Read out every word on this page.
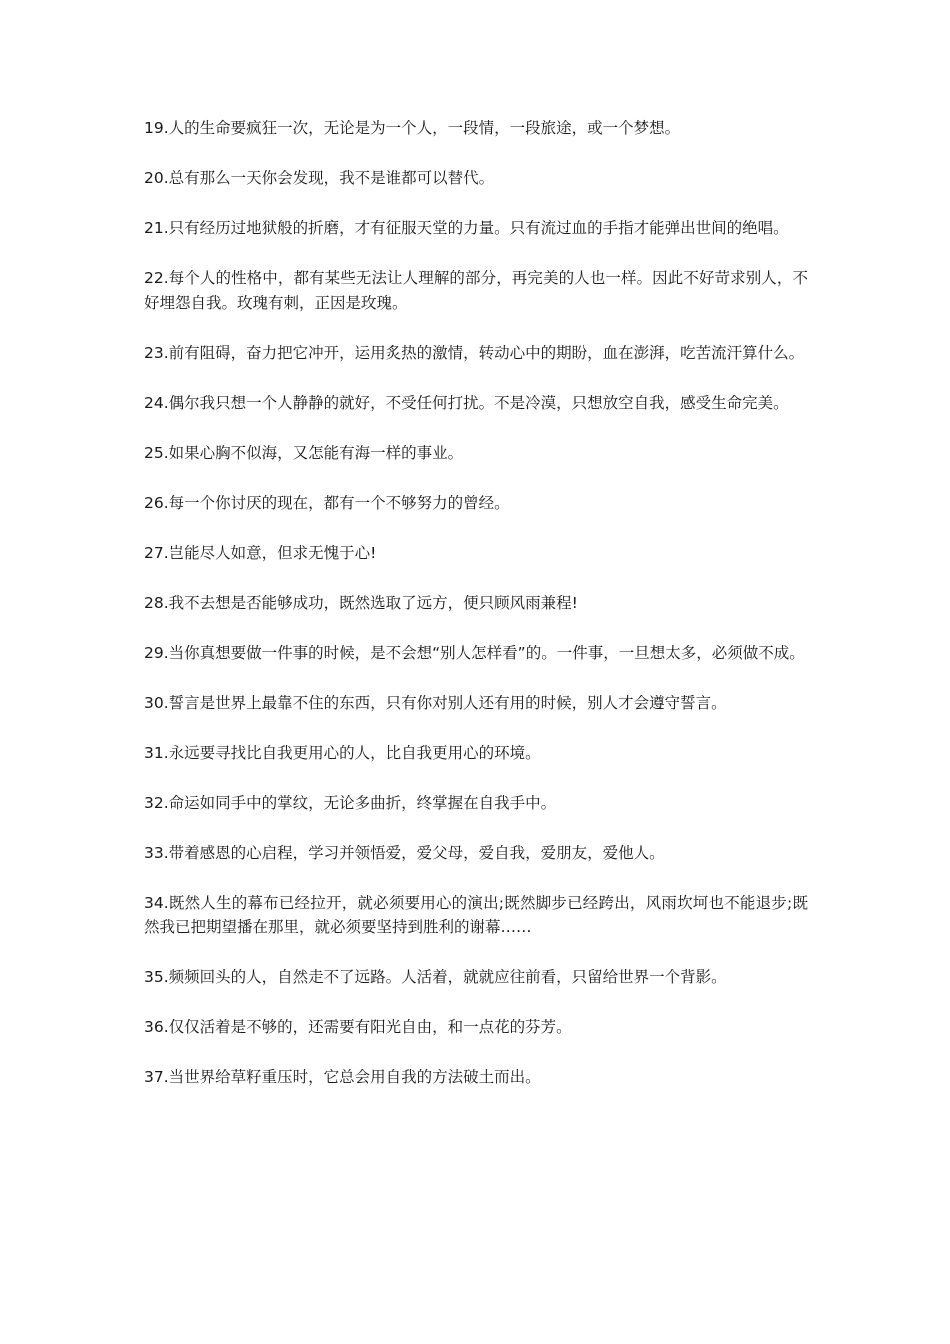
19.人的生命要疯狂一次，无论是为一个人，一段情，一段旅途，或一个梦想。

20.总有那么一天你会发现，我不是谁都可以替代。

21.只有经历过地狱般的折磨，才有征服天堂的力量。只有流过血的手指才能弹出世间的绝唱。

22.每个人的性格中，都有某些无法让人理解的部分，再完美的人也一样。因此不好苛求别人，不好埋怨自我。玫瑰有刺，正因是玫瑰。

23.前有阻碍，奋力把它冲开，运用炙热的激情，转动心中的期盼，血在澎湃，吃苦流汗算什么。

24.偶尔我只想一个人静静的就好，不受任何打扰。不是冷漠，只想放空自我，感受生命完美。

25.如果心胸不似海，又怎能有海一样的事业。

26.每一个你讨厌的现在，都有一个不够努力的曾经。

27.岂能尽人如意，但求无愧于心!

28.我不去想是否能够成功，既然选取了远方，便只顾风雨兼程!

29.当你真想要做一件事的时候，是不会想“别人怎样看”的。一件事，一旦想太多，必须做不成。

30.誓言是世界上最靠不住的东西，只有你对别人还有用的时候，别人才会遵守誓言。

31.永远要寻找比自我更用心的人，比自我更用心的环境。

32.命运如同手中的掌纹，无论多曲折，终掌握在自我手中。

33.带着感恩的心启程，学习并领悟爱，爱父母，爱自我，爱朋友，爱他人。

34.既然人生的幕布已经拉开，就必须要用心的演出;既然脚步已经跨出，风雨坎坷也不能退步;既然我已把期望播在那里，就必须要坚持到胜利的谢幕……

35.频频回头的人，自然走不了远路。人活着，就就应往前看，只留给世界一个背影。

36.仅仅活着是不够的，还需要有阳光自由，和一点花的芬芳。

37.当世界给草籽重压时，它总会用自我的方法破土而出。
